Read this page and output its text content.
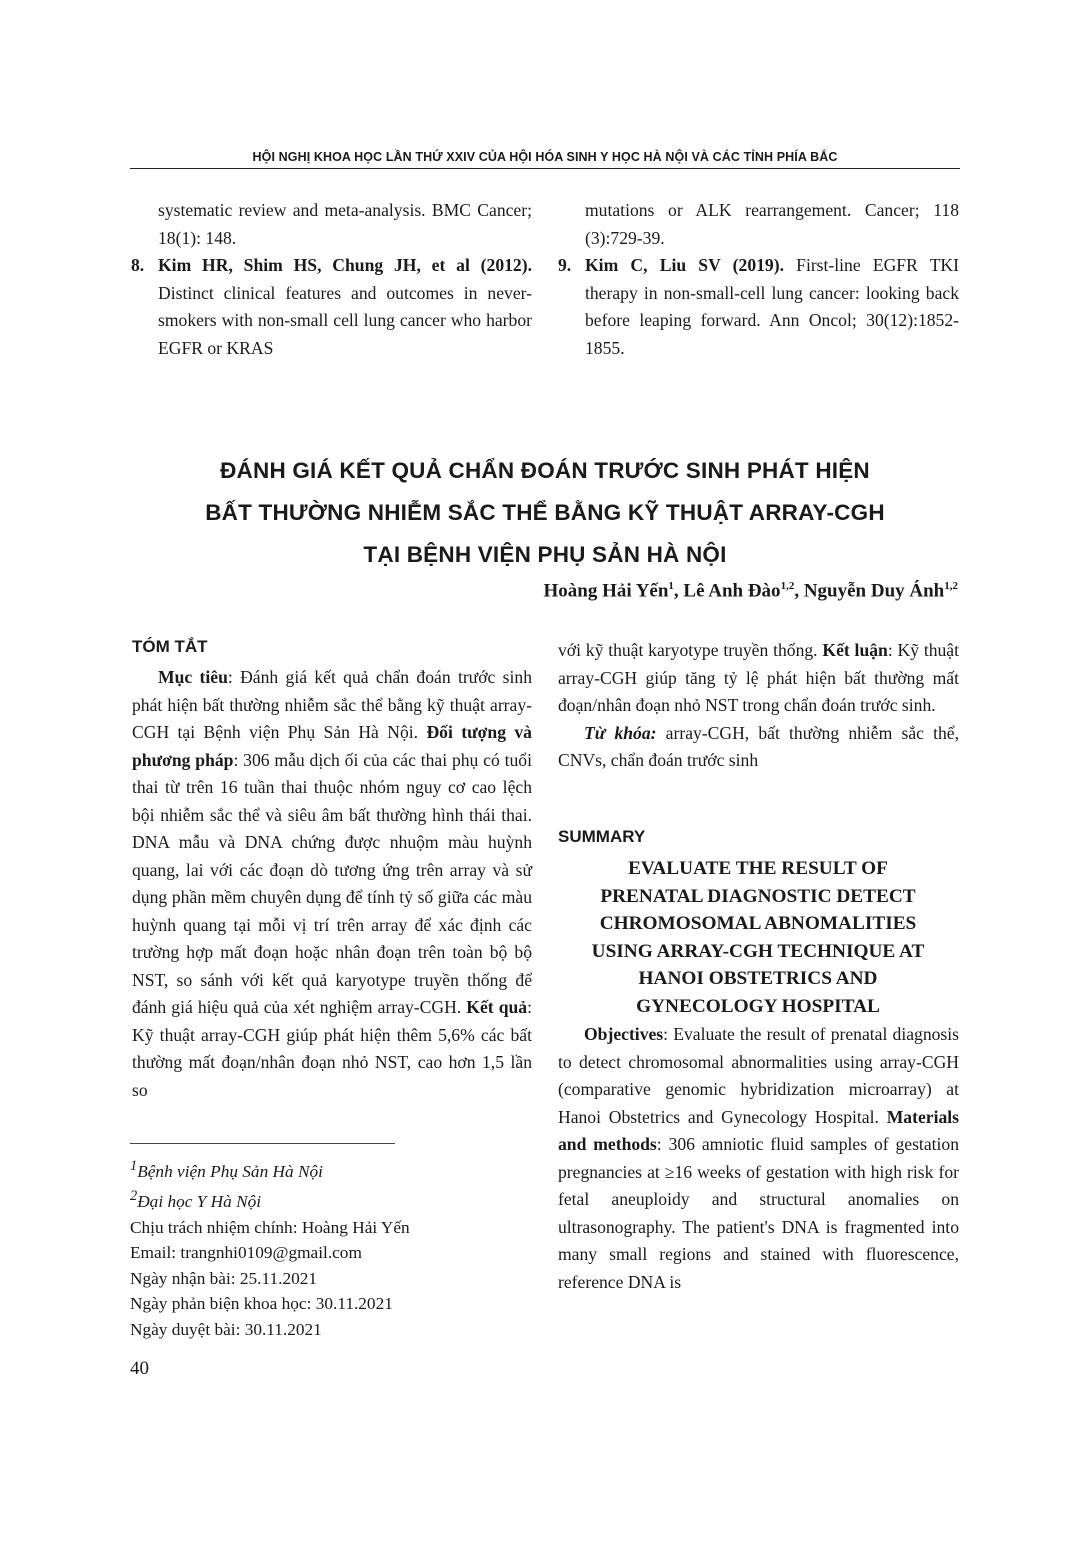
HỘI NGHỊ KHOA HỌC LẦN THỨ XXIV CỦA HỘI HÓA SINH Y HỌC HÀ NỘI VÀ CÁC TỈNH PHÍA BẮC

systematic review and meta-analysis. BMC Cancer; 18(1): 148.

8. Kim HR, Shim HS, Chung JH, et al (2012). Distinct clinical features and outcomes in never-smokers with non-small cell lung cancer who harbor EGFR or KRAS

mutations or ALK rearrangement. Cancer; 118 (3):729-39.

9. Kim C, Liu SV (2019). First-line EGFR TKI therapy in non-small-cell lung cancer: looking back before leaping forward. Ann Oncol; 30(12):1852-1855.

ĐÁNH GIÁ KẾT QUẢ CHẨN ĐOÁN TRƯỚC SINH PHÁT HIỆN
BẤT THƯỜNG NHIỄM SẮC THỂ BẰNG KỸ THUẬT ARRAY-CGH
TẠI BỆNH VIỆN PHỤ SẢN HÀ NỘI
Hoàng Hải Yến$^1$, Lê Anh Đào$^{1,2}$, Nguyễn Duy Ánh$^{1,2}$
TÓM TẮT

Mục tiêu: Đánh giá kết quả chẩn đoán trước sinh phát hiện bất thường nhiễm sắc thể bằng kỹ thuật array-CGH tại Bệnh viện Phụ Sản Hà Nội. Đối tượng và phương pháp: 306 mẫu dịch ối của các thai phụ có tuổi thai từ trên 16 tuần thai thuộc nhóm nguy cơ cao lệch bội nhiễm sắc thể và siêu âm bất thường hình thái thai. DNA mẫu và DNA chứng được nhuộm màu huỳnh quang, lai với các đoạn dò tương ứng trên array và sử dụng phần mềm chuyên dụng để tính tỷ số giữa các màu huỳnh quang tại mỗi vị trí trên array để xác định các trường hợp mất đoạn hoặc nhân đoạn trên toàn bộ bộ NST, so sánh với kết quả karyotype truyền thống để đánh giá hiệu quả của xét nghiệm array-CGH. Kết quả: Kỹ thuật array-CGH giúp phát hiện thêm 5,6% các bất thường mất đoạn/nhân đoạn nhỏ NST, cao hơn 1,5 lần so

$^1$Bệnh viện Phụ Sản Hà Nội
$^2$Đại học Y Hà Nội
Chịu trách nhiệm chính: Hoàng Hải Yến
Email: trangnhi0109@gmail.com
Ngày nhận bài: 25.11.2021
Ngày phản biện khoa học: 30.11.2021
Ngày duyệt bài: 30.11.2021
40

với kỹ thuật karyotype truyền thống. Kết luận: Kỹ thuật array-CGH giúp tăng tỷ lệ phát hiện bất thường mất đoạn/nhân đoạn nhỏ NST trong chẩn đoán trước sinh.

Từ khóa: array-CGH, bất thường nhiễm sắc thể, CNVs, chẩn đoán trước sinh

SUMMARY
EVALUATE THE RESULT OF
PRENATAL DIAGNOSTIC DETECT
CHROMOSOMAL ABNOMALITIES
USING ARRAY-CGH TECHNIQUE AT
HANOI OBSTETRICS AND
GYNECOLOGY HOSPITAL

Objectives: Evaluate the result of prenatal diagnosis to detect chromosomal abnormalities using array-CGH (comparative genomic hybridization microarray) at Hanoi Obstetrics and Gynecology Hospital. Materials and methods: 306 amniotic fluid samples of gestation pregnancies at ≥16 weeks of gestation with high risk for fetal aneuploidy and structural anomalies on ultrasonography. The patient's DNA is fragmented into many small regions and stained with fluorescence, reference DNA is
